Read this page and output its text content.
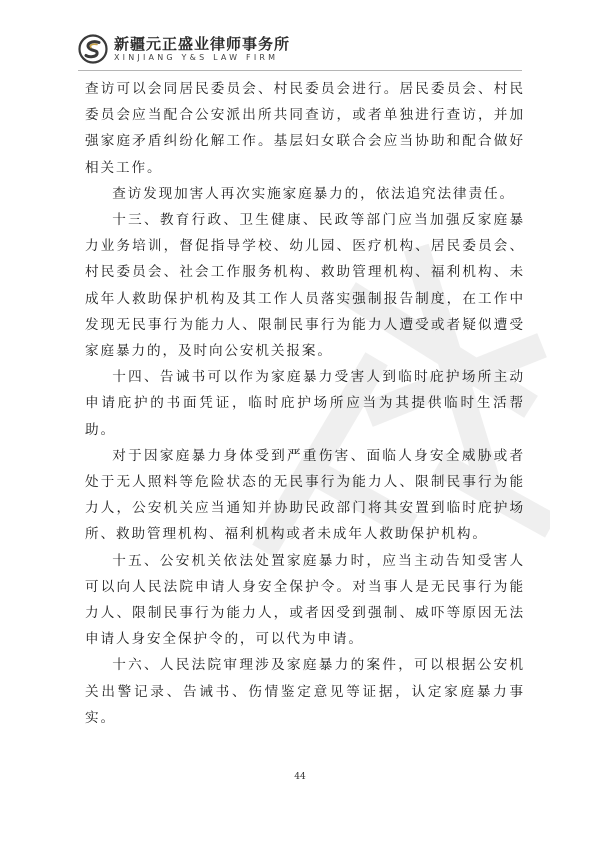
新疆元正盛业律师事务所
XINJIANG Y&S LAW FIRM

查访可以会同居民委员会、村民委员会进行。居民委员会、村民委员会应当配合公安派出所共同查访，或者单独进行查访，并加强家庭矛盾纠纷化解工作。基层妇女联合会应当协助和配合做好相关工作。

查访发现加害人再次实施家庭暴力的，依法追究法律责任。

十三、教育行政、卫生健康、民政等部门应当加强反家庭暴力业务培训，督促指导学校、幼儿园、医疗机构、居民委员会、村民委员会、社会工作服务机构、救助管理机构、福利机构、未成年人救助保护机构及其工作人员落实强制报告制度，在工作中发现无民事行为能力人、限制民事行为能力人遭受或者疑似遭受家庭暴力的，及时向公安机关报案。

十四、告诫书可以作为家庭暴力受害人到临时庇护场所主动申请庇护的书面凭证，临时庇护场所应当为其提供临时生活帮助。

对于因家庭暴力身体受到严重伤害、面临人身安全威胁或者处于无人照料等危险状态的无民事行为能力人、限制民事行为能力人，公安机关应当通知并协助民政部门将其安置到临时庇护场所、救助管理机构、福利机构或者未成年人救助保护机构。

十五、公安机关依法处置家庭暴力时，应当主动告知受害人可以向人民法院申请人身安全保护令。对当事人是无民事行为能力人、限制民事行为能力人，或者因受到强制、威吓等原因无法申请人身安全保护令的，可以代为申请。

十六、人民法院审理涉及家庭暴力的案件，可以根据公安机关出警记录、告诫书、伤情鉴定意见等证据，认定家庭暴力事实。

44
